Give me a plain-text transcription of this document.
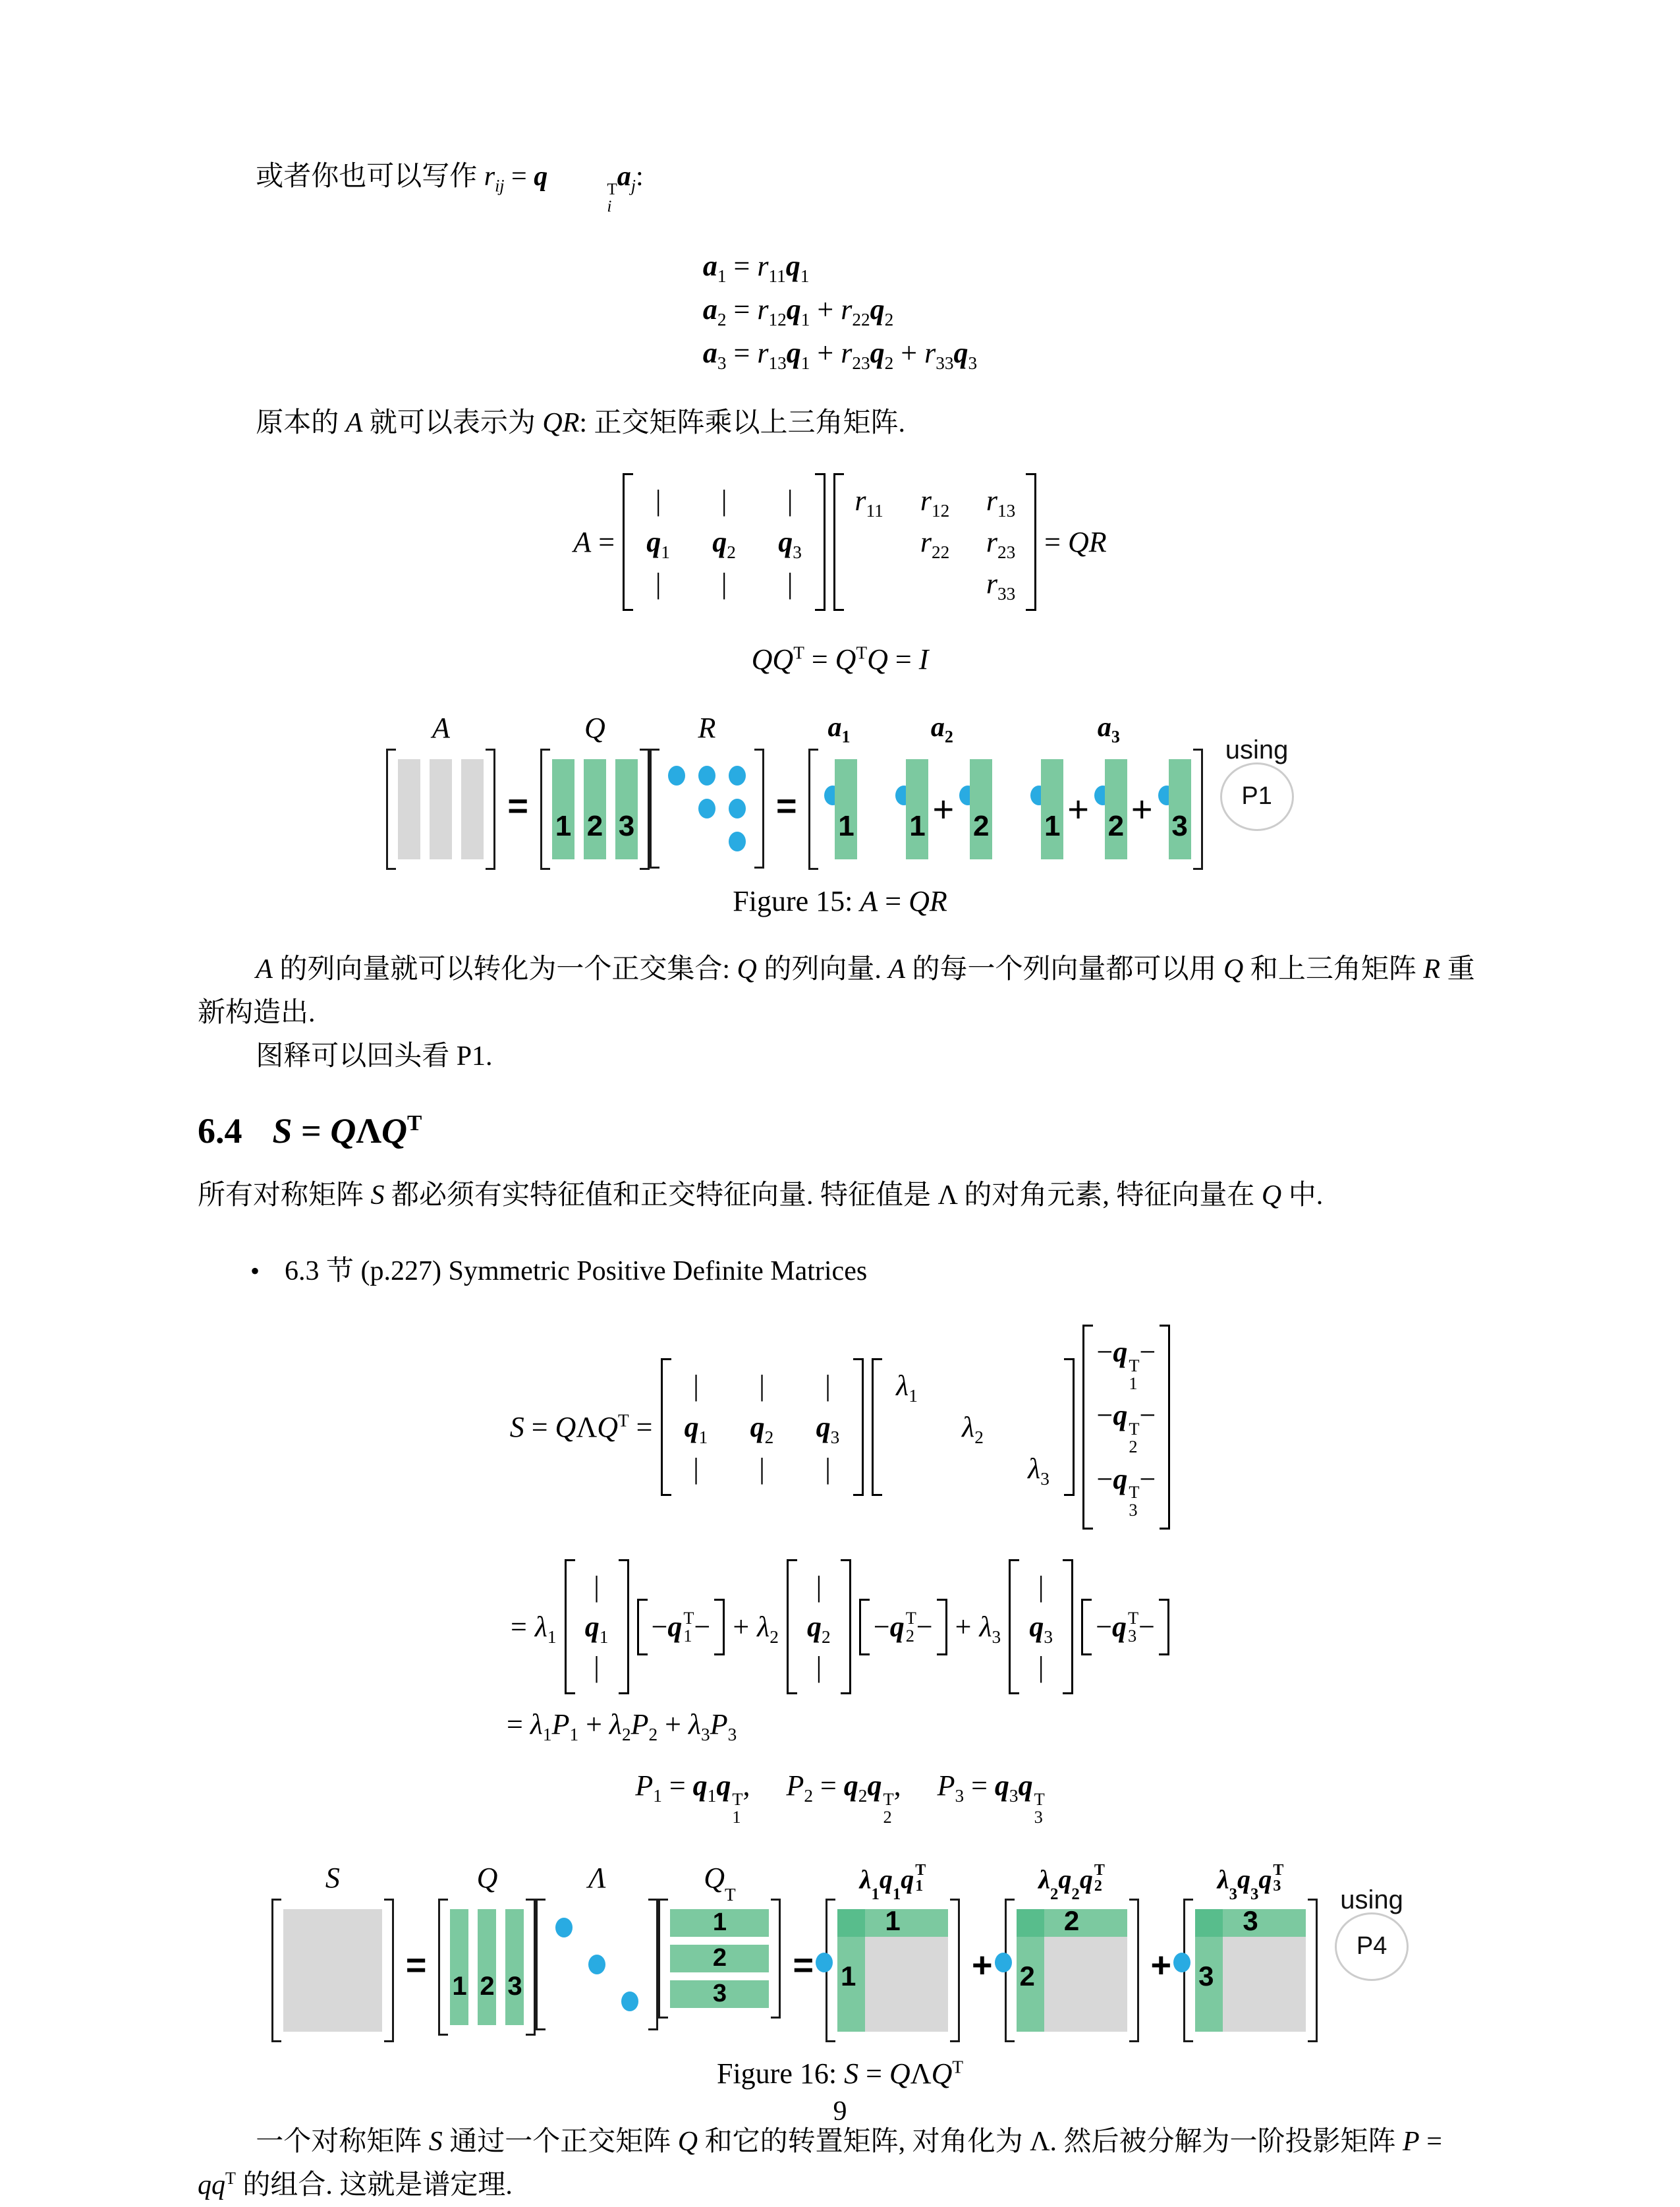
或者你也可以写作 $r_{ij} = q$	T
i
$a_j$:

$a_1 = r_{11}q_1$
$a_2 = r_{12}q_1 + r_{22}q_2$
$a_3 = r_{13}q_1 + r_{23}q_2 + r_{33}q_3$

原本的 A 就可以表示为 QR: 正交矩阵乘以上三角矩阵.

A =
|	|	|
$q_1$	$q_2$	$q_3$
|	|	|
$r_{11}$ $r_{12}$ $r_{13}$
$r_{22}$ $r_{23}$
$r_{33}$
= QR
$QQ^T = Q^TQ = I$
A
=
Q
1 2 3
R
=
$a_1$
1
$a_2$
1 + 2
$a_3$
1 + 2 + 3
using
P1
Figure 15: A = QR

A 的列向量就可以转化为一个正交集合: Q 的列向量. A 的每一个列向量都可以用 Q 和上三角矩阵 R 重新构造出.

图释可以回头看 P1.

6.4 $S = Q\Lambda Q^T$

所有对称矩阵 S 都必须有实特征值和正交特征向量. 特征值是 Λ 的对角元素, 特征向量在 Q 中.

• 6.3 节 (p.227) Symmetric Positive Definite Matrices
$S = Q\Lambda Q^T$ =
|	|	|
$q_1$	$q_2$	$q_3$
|	|	|
$\lambda_1$
$\lambda_2$
$\lambda_3$
−q T
1
−
−q T
2
−
−q T
3
−
= $\lambda_1$
|
$q_1$
|
− q T
1 − + $\lambda_2$
|
$q_2$
|
− q T
2 − + $\lambda_3$
|
$q_3$
|
− q T
3 −
= $\lambda_1P_1 + \lambda_2P_2 + \lambda_3P_3$
$P_1 = q_1q$ T
1
,  $P_2 = q_2q$ T
2
,  $P_3 = q_3q$ T
3
S
=
Q
1 2 3
Λ	Q
T
1
2
3
=
λ
1
q
1
q T
1
1
1	+
λ
2
q
2
q T
2
2
2	+
λ
3
q
3
q T
3
3
3
using
P4
Figure 16: $S = Q\Lambda Q^T$

一个对称矩阵 S 通过一个正交矩阵 Q 和它的转置矩阵, 对角化为 Λ. 然后被分解为一阶投影矩阵 $P = qq^T$ 的组合. 这就是谱定理.

9
